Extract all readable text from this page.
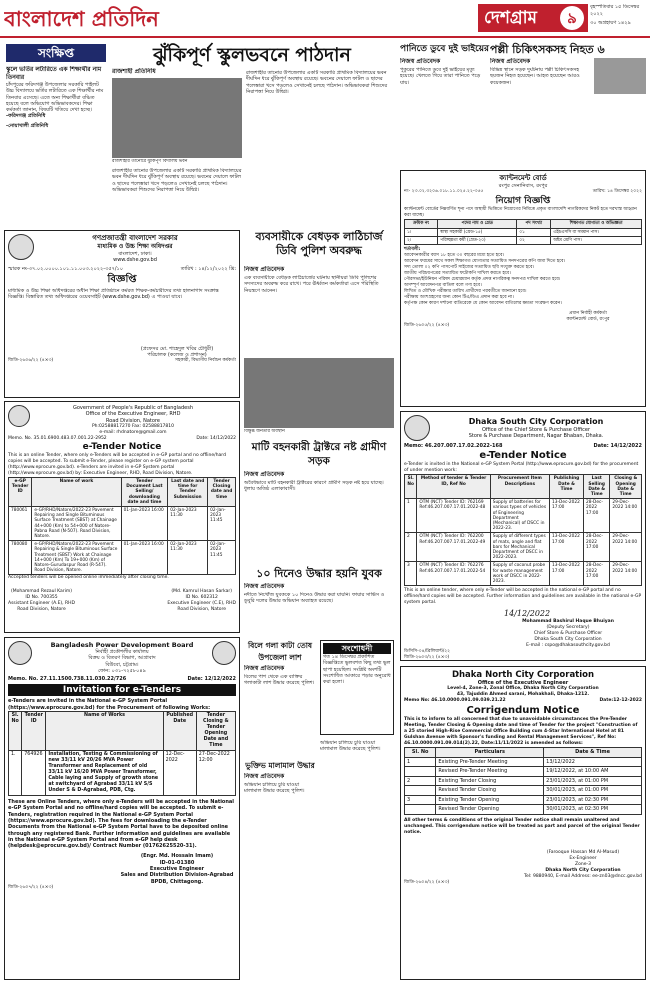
বাংলাদেশ প্রতিদিন	দেশগ্রাম	৯
বৃহস্পতিবার ১৫ ডিসেম্বর ২০২২
৩০ অগ্রহায়ণ ১৪২৯
সংক্ষিপ্ত
স্কুলে ভর্তির লটারিতে এক শিক্ষার্থীর নাম তিনবার
চাঁদপুরের ফরিদগঞ্জ উপজেলার সরকারি পাইলট উচ্চ বিদ্যালয়ে ভর্তির লটারিতে এক শিক্ষার্থীর নাম তিনবার এসেছে। এতে অন্য শিক্ষার্থীরা বঞ্চিত হয়েছে বলে অভিযোগ অভিভাবকদের। শিক্ষা কর্মকর্তা জানান, বিষয়টি খতিয়ে দেখা হচ্ছে।
-ফরিদগঞ্জ প্রতিনিধি
-নোয়াখালী প্রতিনিধি
ঝুঁকিপূর্ণ স্কুলভবনে পাঠদান
রাজশাহী প্রতিনিধি
রাজশাহীর তানোরে ঝুঁকিপূর্ণ বিদ্যালয় ভবন
রাজশাহীর তানোর উপজেলার একটি সরকারি প্রাথমিক বিদ্যালয়ের ভবন দীর্ঘদিন ধরে ঝুঁকিপূর্ণ অবস্থায় রয়েছে। ভবনের দেয়ালে ফাটল ও ছাদের পলেস্তারা খসে পড়লেও সেখানেই চলছে পাঠদান। অভিভাবকরা শিশুদের নিরাপত্তা নিয়ে উদ্বিগ্ন।
রাজশাহীর তানোর উপজেলার একটি সরকারি প্রাথমিক বিদ্যালয়ের ভবন দীর্ঘদিন ধরে ঝুঁকিপূর্ণ অবস্থায় রয়েছে। ভবনের দেয়ালে ফাটল ও ছাদের পলেস্তারা খসে পড়লেও সেখানেই চলছে পাঠদান। অভিভাবকরা শিশুদের নিরাপত্তা নিয়ে উদ্বিগ্ন।
পানিতে ডুবে দুই ভাইয়ের
নিজস্ব প্রতিবেদক
পুকুরের পানিতে ডুবে দুই ভাইয়ের মৃত্যু হয়েছে। খেলতে গিয়ে তারা পানিতে পড়ে যায়।
পল্লী চিকিৎসকসহ নিহত ৬
নিজস্ব প্রতিবেদক
বিভিন্ন স্থানে সড়ক দুর্ঘটনায় পল্লী চিকিৎসকসহ ছয়জন নিহত হয়েছেন। আহত হয়েছেন আরও কয়েকজন।
গণপ্রজাতন্ত্রী বাংলাদেশ সরকার
মাধ্যমিক ও উচ্চ শিক্ষা অধিদপ্তর
বাংলাদেশ, ঢাকা।
www.dshe.gov.bd
স্মারক নং-৩৭.০২.০০০০.১০১.১১.০০৩.২০২২-৩৫৭/১০	তারিখ : ১৪/১২/২০২২ খ্রি:
বিজ্ঞপ্তি
মাধ্যমিক ও উচ্চ শিক্ষা অধিদপ্তরের অধীন শিক্ষা প্রতিষ্ঠানে কর্মরত শিক্ষক-কর্মচারীদের তথ্য হালনাগাদ সংক্রান্ত বিজ্ঞপ্তি। বিস্তারিত তথ্য অধিদপ্তরের ওয়েবসাইট (www.dshe.gov.bd) এ পাওয়া যাবে।
(প্রফেসর মো. শাহেদুল খবির চৌধুরী)
পরিচালক (কলেজ ও প্রশাসন)
জিডি-২৬০৬/২২ (৪×৩)	সহকারী, বিভাগীয় নির্বাচন কর্মকর্তা
Government of People's Republic of Bangladesh
Office of the Executive Engineer, RHD
Road Division, Natore
Ph:02588817270 Fax: 02588817810
e-mail: rhdnatore@gmail.com
Memo. No. 35.01.6900.483.07.001.22-2952	Date: 14/12/2022
e-Tender Notice
This is an online Tender, where only e-Tenders will be accepted in e-GP portal and no offline/hard copies will be accepted. To submit e-Tender, please register on e-GP system portal (http://www.eprocure.gov.bd). e-Tenders are invited in e-GP System portal (http://www.eprocure.gov.bd) by: Executive Engineer, RHD, Road Division, Natore.
e-GP Tender ID	Name of work	Tender Document Last Selling/ downloading date and time	Last date and time for Tender Submission	Tender Closing date and time
780061	e-GP/RHD/Natore/2022-23 Pavement Repairing and Single Bituminous Surface Treatment (SBST) at Chainage 44+000 (Km) to 54+000 of Natore-Pabna Road (N-507). Road Division, Natore.	01-Jan-2023 16:00	02-Jan-2023 11:30	02-Jan-2023 11:45
780080	e-GP/RHD/Natore/2022-23 Pavement Repairing & Single Bituminous Surface Treatment (SBST) Work at Chainage 14+000 (Km) To 19+000 (Km) of Natore-Gurudaspur Road (R-547). Road Division, Natore.	01-Jan-2023 16:00	02-Jan-2023 11:30	02-Jan-2023 11:45
Accepted tenders will be opened online immediately after closing time.
(Mohammad Rezaul Karim)
ID No. 700355
Assistant Engineer (A.E), RHD
Road Division, Natore
(Md. Kamrul Hasan Sarkar)
ID No. 602312
Executive Engineer (C.E), RHD
Road Division, Natore
Bangladesh Power Development Board
নির্বাহী প্রকৌশলীর কার্যালয়
বিক্রয় ও বিতরণ বিভাগ, আগ্রাবাদ
বিউবো, চট্টগ্রাম।
ফোন: ০৩১-৭২৫৮০৪৯
Memo. No. 27.11.1500.738.11.030.22/726	Date: 12/12/2022
Invitation for e-Tenders
e-Tenders are invited in the National e-GP System Portal (https://www.eprocure.gov.bd) for the Procurement of following Works:
Sl. No	Tender ID	Name of Works	Published Date	Tender Closing & Tender Opening Date and Time
1.	764926	Installation, Testing & Commissioning of new 33/11 kV 20/26 MVA Power Transformer and Replacement of old 33/11 kV 16/20 MVA Power Transformer, Cable laying and Supply of growth stone at switchyard of Agrabad 33/11 kV S/S Under S & D-Agrabad, PDB, Ctg.	12-Dec-2022	27-Dec-2022 12:00
These are Online Tenders, where only e-Tenders will be accepted in the National e-GP System Portal and no offline/hard copies will be accepted. To submit e-Tenders, registration required in the National e-GP System Portal (https://www.eprocure.gov.bd). The fees for downloading the e-Tender Documents from the National e-GP System Portal have to be deposited online through any registered Bank. Further information and guidelines are available in the National e-GP System Portal and from e-GP help desk (helpdesk@eprocure.gov.bd)/ Contract Number (01762625520-31).
(Engr. Md. Hossain Imam)
ID-01-01380
Executive Engineer
Sales and Distribution Division-Agrabad
BPDB, Chittagong.
জিডি-২৬০৭/২২ (৪×৩)
ব্যবসায়ীকে বেধড়ক লাঠিচার্জ ডিবি পুলিশ অবরুদ্ধ
নিজস্ব প্রতিবেদক
এক ব্যবসায়ীকে বেধড়ক লাঠিচার্জের ঘটনায় স্থানীয়রা ডিবি পুলিশের সদস্যদের অবরুদ্ধ করে রাখে। পরে ঊর্ধ্বতন কর্মকর্তারা এসে পরিস্থিতি নিয়ন্ত্রণে আনেন।
বিক্ষুব্ধ জনতার অবস্থান
মাটি বহনকারী ট্রাক্টরে নষ্ট গ্রামীণ সড়ক
নিজস্ব প্রতিবেদক
অবৈধভাবে মাটি বহনকারী ট্রাক্টরের কারণে গ্রামীণ সড়ক নষ্ট হয়ে যাচ্ছে। ধুলায় অতিষ্ঠ এলাকাবাসী।
১০ দিনেও উদ্ধার হয়নি যুবক
নিজস্ব প্রতিবেদক
নদীতে নিখোঁজ যুবককে ১০ দিনেও উদ্ধার করা যায়নি। ফায়ার সার্ভিস ও ডুবুরি দলের উদ্ধার অভিযান অব্যাহত রয়েছে।
বিলে গলা কাটা তোষ উপজেলা লাশ
নিজস্ব প্রতিবেদক
বিলের পাশ থেকে এক ব্যক্তির গলাকাটা লাশ উদ্ধার করেছে পুলিশ।
ভুক্তিভ মালামাল উদ্ধার
নিজস্ব প্রতিবেদক
অভিযান চালিয়ে চুরি যাওয়া মালামাল উদ্ধার করেছে পুলিশ।
সংশোধনী
গত ১৪ ডিসেম্বর প্রকাশিত বিজ্ঞপ্তিতে ভুলবশত কিছু তথ্য ভুল ছাপা হয়েছিল। সংশ্লিষ্ট অংশটি সংশোধিত আকারে পড়ার অনুরোধ করা হলো।
অভিযান চালিয়ে চুরি যাওয়া মালামাল উদ্ধার করেছে পুলিশ।
ক্যান্টনমেন্ট বোর্ড
রংপুর সেনানিবাস, রংপুর
নং- ২৩.০২.৩২০৬.০১৮.১১.০২৫.২২-৩৫৫	তারিখ: ১৪ ডিসেম্বর ২০২২
নিয়োগ বিজ্ঞপ্তি
ক্যান্টনমেন্ট বোর্ডের নিম্নবর্ণিত শূন্য পদে অস্থায়ী ভিত্তিতে নিয়োগের নিমিত্তে প্রকৃত বাংলাদেশি নাগরিকদের নিকট হতে দরখাস্ত আহ্বান করা যাচ্ছে।
ক্রমিক নং	পদের নাম ও গ্রেড	পদ সংখ্যা	শিক্ষাগত যোগ্যতা ও অভিজ্ঞতা
১।	স্বাস্থ্য সহকারী (গ্রেড-১৫)	০১	এইচএসসি বা সমমান পাস।
২।	পরিচ্ছন্নতা কর্মী (গ্রেড-২০)	০২	অষ্টম শ্রেণি পাস।
শর্তাবলী:
আবেদনকারীর বয়স ১৮ হতে ৩০ বছরের মধ্যে হতে হবে।
আবেদন ফরমের সাথে সকল শিক্ষাগত যোগ্যতার সত্যায়িত সনদপত্রের কপি জমা দিতে হবে।
সদ্য তোলা ০২ কপি পাসপোর্ট সাইজের সত্যায়িত ছবি সংযুক্ত করতে হবে।
জাতীয় পরিচয়পত্রের সত্যায়িত ফটোকপি দাখিল করতে হবে।
পৌরসভা/ইউনিয়ন পরিষদ চেয়ারম্যান কর্তৃক প্রদত্ত নাগরিকত্ব সনদপত্র দাখিল করতে হবে।
অসম্পূর্ণ আবেদনপত্র বাতিল বলে গণ্য হবে।
লিখিত ও মৌখিক পরীক্ষার তারিখ প্রার্থীদের পরবর্তীতে জানানো হবে।
পরীক্ষায় অংশগ্রহণের জন্য কোন টিএ/ডিএ প্রদান করা হবে না।
কর্তৃপক্ষ কোন কারণ দর্শানো ব্যতিরেকে যে কোন আবেদন বাতিলের ক্ষমতা সংরক্ষণ করেন।
প্রধান নির্বাহী কর্মকর্তা
ক্যান্টনমেন্ট বোর্ড, রংপুর
জিডি-২৬০৫/২২ (৪×৩)
Dhaka South City Corporation
Office of the Chief Store & Purchase Officer
Store & Purchase Department, Nagar Bhaban, Dhaka.
Memo: 46.207.007.17.02.2022-168	Date: 14/12/2022
e-Tender Notice
e-Tender is invited in the National e-GP System Portal (http://www.eprocure.gov.bd) for the procurement of under mention work:
Sl. No	Method of tender & Tender ID, Ref No	Procurement Item Descriptions	Publishing Date & Time	Last Selling Date & Time	Closing & Opening Date & Time
1	OTM (NCT) Tender ID: 762169 Ref:46.207.007.17.01.2022-48	Supply of batteries for various types of vehicles of Engineering Department (Mechanical) of DSCC in 2022-23.	13-Dec-2022 17:00	28-Dec-2022 17:00	29-Dec-2022 14:00
2	OTM (NCT) Tender ID: 762200 Ref:46.207.007.17.01.2022-49	Supply of different types of mats, angle and flat bars for Mechanical Department of DSCC in 2022-2023.	13-Dec-2022 17:00	28-Dec-2022 17:00	29-Dec-2022 14:00
3	OTM (NCT) Tender ID: 762276 Ref:46.207.007.17.01.2022-54	Supply of coconut probe for waste management work of DSCC in 2022-2023.	13-Dec-2022 17:00	28-Dec-2022 17:00	29-Dec-2022 14:00
This is an online tender, where only e-Tender will be accepted in the national e-GP portal and no offline/hard copies will be accepted. Further information and guidelines are available in the national e-GP system portal.
14/12/2022
Mohammad Bashirul Haque Bhuiyan
(Deputy Secretary)
Chief Store & Purchase Officer
Dhaka South City Corporation
E-mail : cspo@dhakasouthcity.gov.bd
ডিসিসি-০৪/ব্রিলিয়ান্ট/২২
জিডি-২৬০৩/২২ (৪×৩)
Dhaka North City Corporation
Office of the Executive Engineer
Level-4, Zone-3, Zonal Office, Dhaka North City Corporation
43, Tajuddin Ahmed sarani, Mohakhali, Dhaka-1212.
Memo No: 46.10.0000.091.09.039.21.22	Date:12-12-2022
Corrigendum Notice
This is to inform to all concerned that due to unavoidable circumstances the Pre-Tender Meeting, Tender Closing & Opening date and time of Tender for the project "Construction of a 25 storied High-Rise Commercial Office Building cum 4-Star International Hotel at 81 Gulshan Avenue with Sponsor's funding and Rental Management Services", Ref No: 46.10.0000.091.09.014(2).22, Date:11/11/2022 is amended as follows:
Sl. No	Particulars	Date & Time
1	Existing Pre-Tender Meeting	13/12/2022
	Revised Pre-Tender Meeting	19/12/2022, at 10:00 AM
2	Existing Tender Closing	23/01/2023, at 01:00 PM
	Revised Tender Closing	30/01/2023, at 01:00 PM
3	Existing Tender Opening	23/01/2023, at 02:30 PM
	Revised Tender Opening	30/01/2023, at 02:30 PM
All other terms & conditions of the original Tender notice shall remain unaltered and unchanged. This corrigendum notice will be treated as part and parcel of the original Tender notice.
(Farooque Hassan Md Al-Masud)
Ex-Engineer
Zone-3
Dhaka North City Corporation
Tel: 9880940, E-mail Address: ee-zn03@dncc.gov.bd
জিডি-২৬০৪/২২ (৪×৩)
